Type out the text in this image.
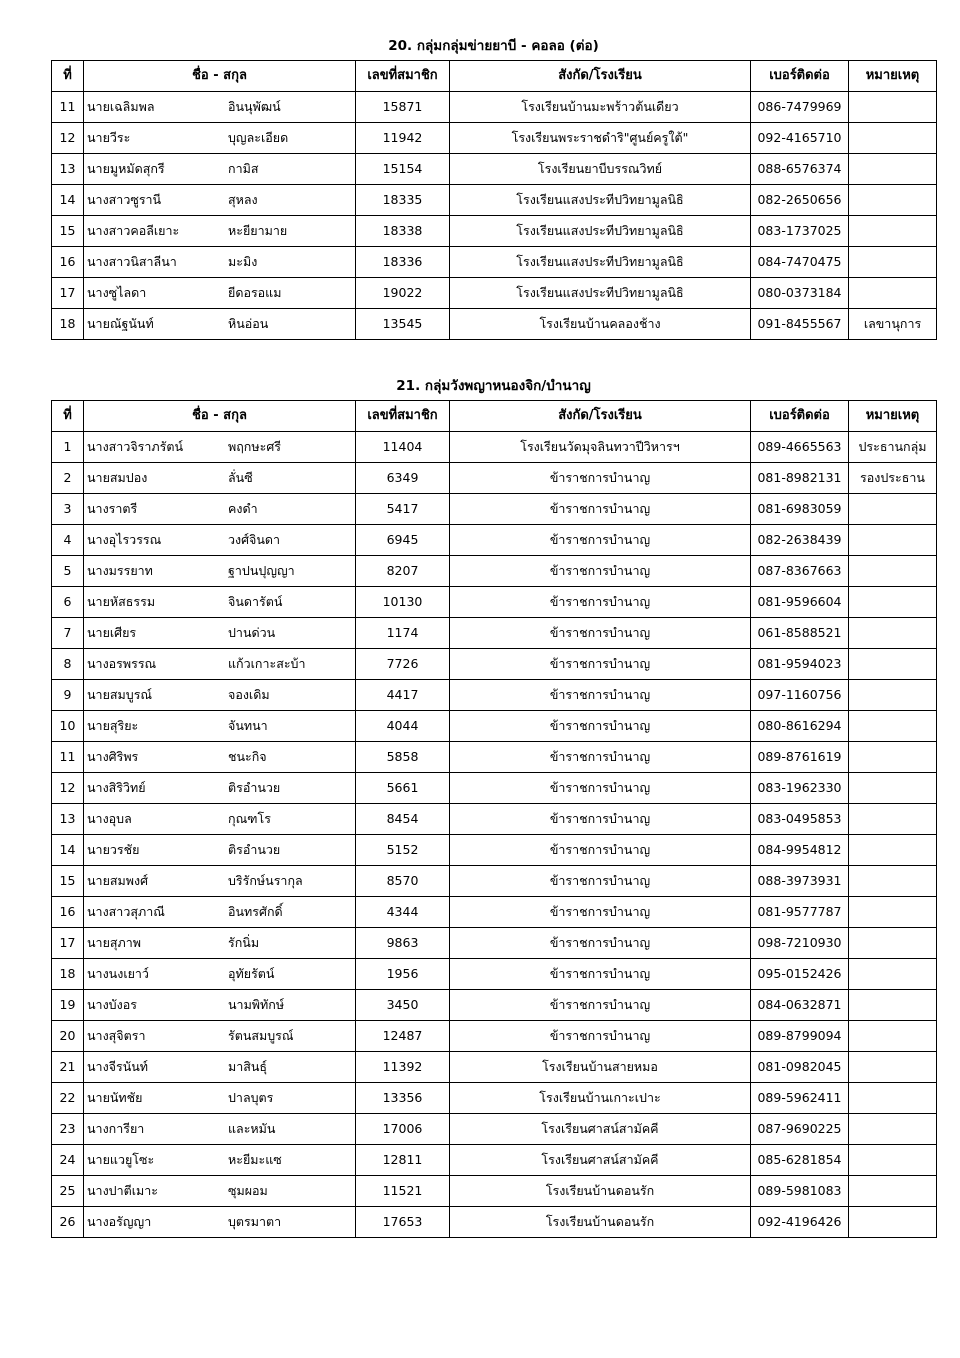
20. กลุ่มกลุ่มข่ายยาบี - คอลอ (ต่อ)
ที่	ชื่อ - สกุล	เลขที่สมาชิก	สังกัด/โรงเรียน	เบอร์ติดต่อ	หมายเหตุ
11	นายเฉลิมพล อินนุพัฒน์	15871	โรงเรียนบ้านมะพร้าวต้นเดียว	086-7479969	
12	นายวีระ บุญละเอียด	11942	โรงเรียนพระราชดำริ"ศูนย์ครูใต้"	092-4165710	
13	นายมูหมัดสุกรี กามิส	15154	โรงเรียนยาบีบรรณวิทย์	088-6576374	
14	นางสาวซูรานี สุหลง	18335	โรงเรียนแสงประทีปวิทยามูลนิธิ	082-2650656	
15	นางสาวคอลีเยาะ หะยียามาย	18338	โรงเรียนแสงประทีปวิทยามูลนิธิ	083-1737025	
16	นางสาวนิสาลีนา มะมิง	18336	โรงเรียนแสงประทีปวิทยามูลนิธิ	084-7470475	
17	นางซูไลดา ยีดอรอแม	19022	โรงเรียนแสงประทีปวิทยามูลนิธิ	080-0373184	
18	นายณัฐนันท์ หินอ่อน	13545	โรงเรียนบ้านคลองช้าง	091-8455567	เลขานุการ
21. กลุ่มวังพญาหนองจิก/บำนาญ
ที่	ชื่อ - สกุล	เลขที่สมาชิก	สังกัด/โรงเรียน	เบอร์ติดต่อ	หมายเหตุ
1	นางสาวจิราภรัตน์ พฤกษะศรี	11404	โรงเรียนวัดมุจลินทวาปีวิหารฯ	089-4665563	ประธานกลุ่ม
2	นายสมปอง ลั่นซี	6349	ข้าราชการบำนาญ	081-8982131	รองประธาน
3	นางราตรี คงดำ	5417	ข้าราชการบำนาญ	081-6983059	
4	นางอุไรวรรณ วงศ์จินดา	6945	ข้าราชการบำนาญ	082-2638439	
5	นางมรรยาท ฐาปนปุญญา	8207	ข้าราชการบำนาญ	087-8367663	
6	นายหัสธรรม จินดารัตน์	10130	ข้าราชการบำนาญ	081-9596604	
7	นายเศียร ปานด่วน	1174	ข้าราชการบำนาญ	061-8588521	
8	นางอรพรรณ แก้วเกาะสะบ้า	7726	ข้าราชการบำนาญ	081-9594023	
9	นายสมบูรณ์ จองเดิม	4417	ข้าราชการบำนาญ	097-1160756	
10	นายสุริยะ จันทนา	4044	ข้าราชการบำนาญ	080-8616294	
11	นางศิริพร ชนะกิจ	5858	ข้าราชการบำนาญ	089-8761619	
12	นางสิริวิทย์ ติรอำนวย	5661	ข้าราชการบำนาญ	083-1962330	
13	นางอุบล กุณฑโร	8454	ข้าราชการบำนาญ	083-0495853	
14	นายวรชัย ติรอำนวย	5152	ข้าราชการบำนาญ	084-9954812	
15	นายสมพงศ์ บริรักษ์นรากุล	8570	ข้าราชการบำนาญ	088-3973931	
16	นางสาวสุภาณี อินทรศักดิ์	4344	ข้าราชการบำนาญ	081-9577787	
17	นายสุภาพ รักนิ่ม	9863	ข้าราชการบำนาญ	098-7210930	
18	นางนงเยาว์ อุทัยรัตน์	1956	ข้าราชการบำนาญ	095-0152426	
19	นางบังอร นามพิทักษ์	3450	ข้าราชการบำนาญ	084-0632871	
20	นางสุจิตรา รัตนสมบูรณ์	12487	ข้าราชการบำนาญ	089-8799094	
21	นางจีรนันท์ มาสินธุ์	11392	โรงเรียนบ้านสายหมอ	081-0982045	
22	นายนัทชัย ปาลบุตร	13356	โรงเรียนบ้านเกาะเปาะ	089-5962411	
23	นางการียา และหมัน	17006	โรงเรียนศาสน์สามัคคี	087-9690225	
24	นายแวยูโซะ หะยีมะแซ	12811	โรงเรียนศาสน์สามัคคี	085-6281854	
25	นางปาตีเมาะ ซุมผอม	11521	โรงเรียนบ้านดอนรัก	089-5981083	
26	นางอรัญญา บุตรมาตา	17653	โรงเรียนบ้านดอนรัก	092-4196426	
